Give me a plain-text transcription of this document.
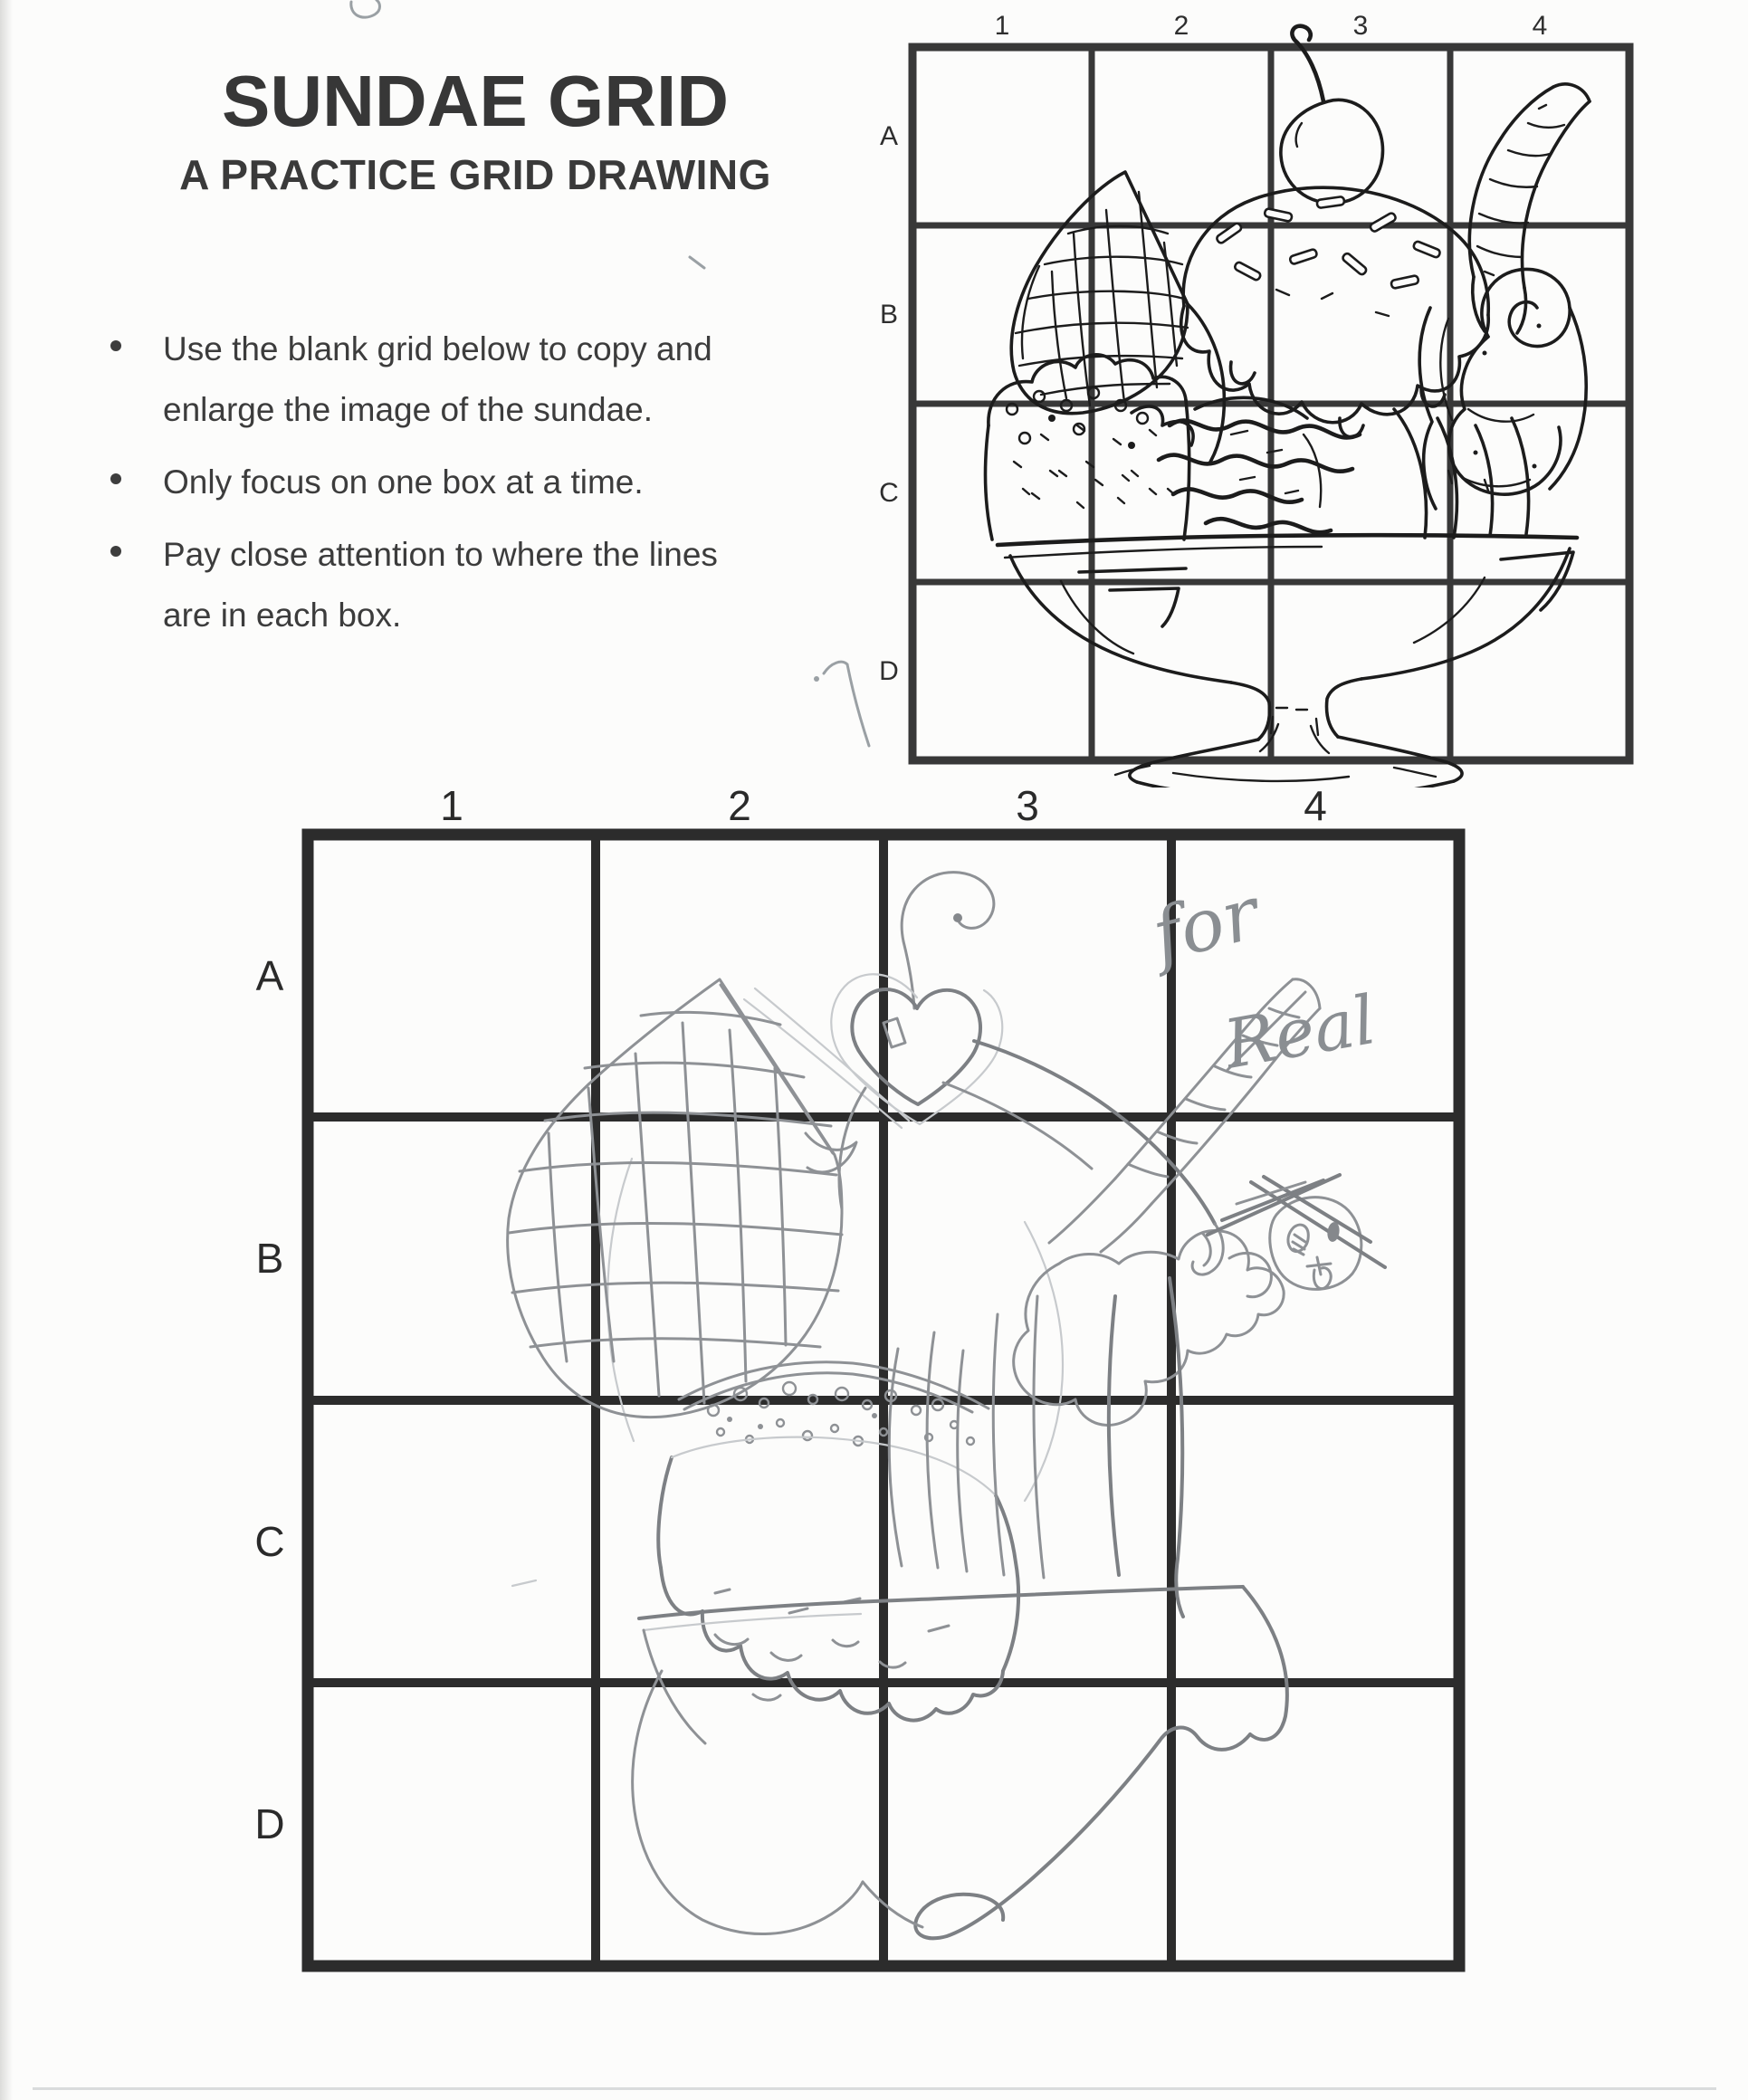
SUNDAE GRID
A PRACTICE GRID DRAWING
Use the blank grid below to copy and
enlarge the image of the sundae.
Only focus on one box at a time.
Pay close attention to where the lines
are in each box.
1	2	3	4
A
B
C
D
1	2	3	4
A
B
C
D
for
Real
